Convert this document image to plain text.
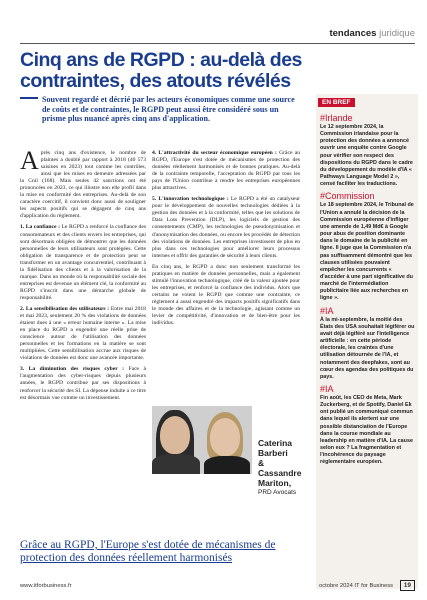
tendances juridique
Cinq ans de RGPD : au-delà des contraintes, des atouts révélés

Souvent regardé et décrié par les acteurs économiques comme une source de coûts et de contraintes, le RGPD peut aussi être considéré sous un prisme plus nuancé après cinq ans d'application.

Après cinq ans d'existence, le nombre de plaintes a doublé par rapport à 2018 (40 573 saisines en 2023) tout comme les contrôles, ainsi que les mises en demeure adressées par la Cnil (168). Mais seules 42 sanctions ont été prononcées en 2023, ce qui illustre non elle profil dans la mise en conformité des entreprises. Au-delà de son caractère coercitif, il convient donc aussi de souligner les aspects positifs qui se dégagent de cinq ans d'application du règlement.

1. La confiance : Le RGPD a renforcé la confiance des consommateurs et des clients envers les entreprises, qui sont désormais obligées de démontrer que les données personnelles de leurs utilisateurs sont protégées. Cette obligation de transparence et de protection peut se transformer en un avantage concurrentiel, contribuant à la fidélisation des clients et à la valorisation de la marque. Dans un monde où la responsabilité sociale des entreprises est devenue un élément clé, la conformité au RGPD s'inscrit dans une démarche globale de responsabilité.

2. La sensibilisation des utilisateurs : Entre mai 2018 et mai 2023, seulement 20 % des violations de données étaient dues à une « erreur humaine interne ». La mise en place du RGPD a engendré une réelle prise de conscience autour de l'utilisation des données personnelles et les formations en la matière se sont multipliées. Cette sensibilisation accrue aux risques de violations de données est donc une avancée importante.

3. La diminution des risques cyber : Face à l'augmentation des cyber-risques depuis plusieurs années, le RGPD contribue par ses dispositions à renforcer la sécurité des SI. La dépense induite a ce titre est désormais vue comme un investissement.

4. L'attractivité du secteur économique européen : Grâce au RGPD, l'Europe s'est dotée de mécanismes de protection des données réellement harmonisés et de bonnes pratiques. Au-delà de la contrainte temporelle, l'acceptation du RGPD par tous les pays de l'Union contribue à rendre les entreprises européennes plus attractives.

5. L'innovation technologique : Le RGPD a été un catalyseur pour le développement de nouvelles technologies dédiées à la gestion des données et à la conformité, telles que les solutions de Data Loss Prevention (DLP), les logiciels de gestion des consentements (CMP), les technologies de pseudonymisation et d'anonymisation des données, ou encore les procédés de détection des violations de données. Les entreprises investissent de plus en plus dans ces technologies pour améliorer leurs processus internes et offrir des garanties de sécurité à leurs clients.

En cinq ans, le RGPD a donc non seulement transformé les pratiques en matière de données personnelles, mais a également stimulé l'innovation technologique, créé de la valeur ajoutée pour les entreprises, et renforcé la confiance des individus. Alors que certains ne voient le RGPD que comme une contrainte, ce règlement a aussi engendré des impacts positifs significatifs dans le monde des affaires et de la technologie, agissant comme un levier de compétitivité, d'innovation et de bien-être pour les individus.

Caterina Barberi
&
Cassandre Mariton,
PRD Avocats
Grâce au RGPD, l'Europe s'est dotée de mécanismes de protection des données réellement harmonisés
EN BREF
#Irlande
Le 12 septembre 2024, la Commission irlandaise pour la protection des données a annoncé ouvrir une enquête contre Google pour vérifier son respect des dispositions du RGPD dans le cadre du développement du modèle d'IA « Pathways Language Model 2 », censé faciliter les traductions.
#Commission
Le 18 septembre 2024, le Tribunal de l'Union a annulé la décision de la Commission européenne d'infliger une amende de 1,49 Md€ à Google pour abus de position dominante dans le domaine de la publicité en ligne. Il juge que la Commission n'a pas suffisamment démontré que les clauses utilisées pouvaient empêcher les concurrents « d'accéder à une part significative du marché de l'intermédiation publicitaire liée aux recherches en ligne ».
#IA
À la mi-septembre, la moitié des États des USA souhaitait légiférer ou avait déjà légiféré sur l'intelligence artificielle : en cette période électorale, les craintes d'une utilisation détournée de l'IA, et notamment des deepfakes, sont au cœur des agendas des politiques du pays.
#IA
Fin août, les CEO de Meta, Mark Zuckerberg, et de Spotify, Daniel Ek ont publié un communiqué commun dans lequel ils alertent sur une possible distanciation de l'Europe dans la course mondiale au leadership en matière d'IA. La cause selon eux ? La fragmentation et l'incohérence du paysage réglementaire européen.
www.itforbusiness.fr	octobre 2024 IT for Business	19
